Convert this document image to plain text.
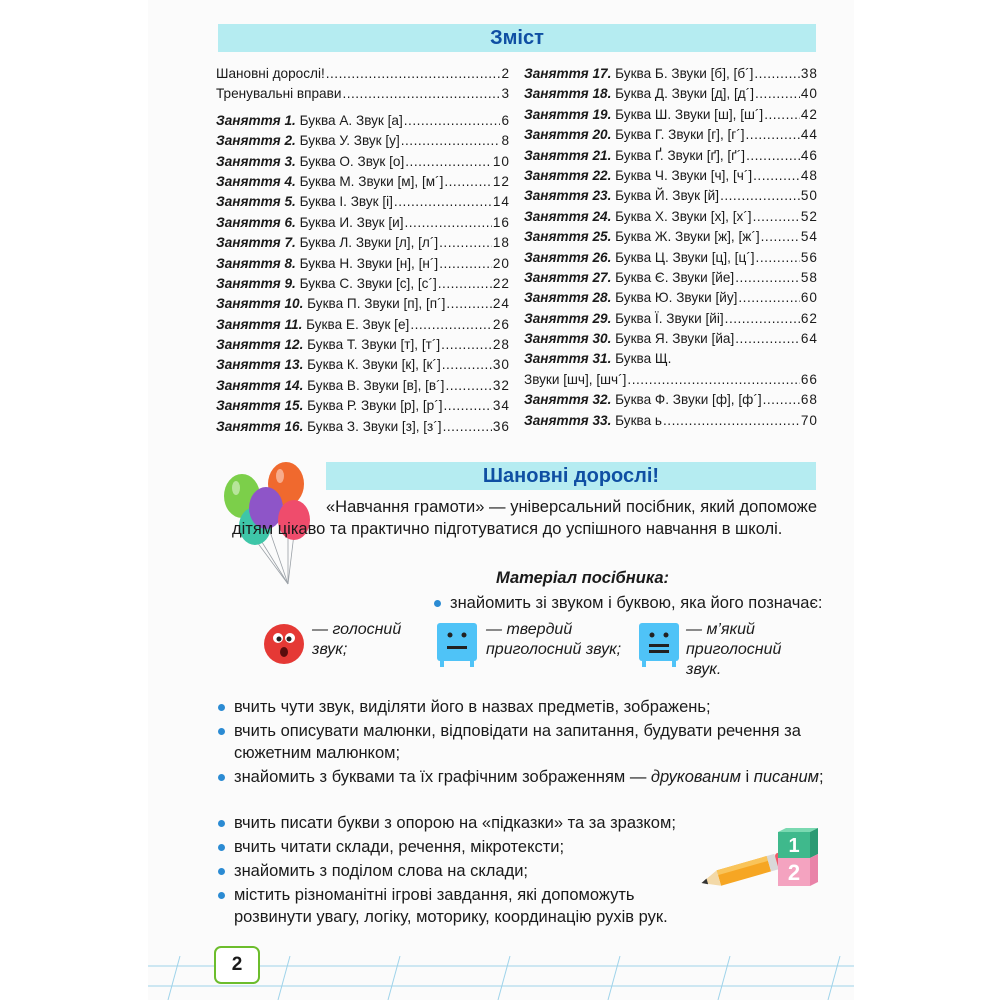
Зміст
Шановні дорослі! .....	2
Тренувальні вправи .....	3
Заняття 1. Буква А. Звук [а] .....	6
Заняття 2. Буква У. Звук [у] .....	8
Заняття 3. Буква О. Звук [о] .....	10
Заняття 4. Буква М. Звуки [м], [м´] .....	12
Заняття 5. Буква І. Звук [і] .....	14
Заняття 6. Буква И. Звук [и] .....	16
Заняття 7. Буква Л. Звуки [л], [л´] .....	18
Заняття 8. Буква Н. Звуки [н], [н´] .....	20
Заняття 9. Буква С. Звуки [с], [с´] .....	22
Заняття 10. Буква П. Звуки [п], [п´] .....	24
Заняття 11. Буква Е. Звук [е] .....	26
Заняття 12. Буква Т. Звуки [т], [т´] .....	28
Заняття 13. Буква К. Звуки [к], [к´] .....	30
Заняття 14. Буква В. Звуки [в], [в´] .....	32
Заняття 15. Буква Р. Звуки [р], [р´] .....	34
Заняття 16. Буква З. Звуки [з], [з´] .....	36
Заняття 17. Буква Б. Звуки [б], [б´] .....	38
Заняття 18. Буква Д. Звуки [д], [д´] .....	40
Заняття 19. Буква Ш. Звуки [ш], [ш´] .....	42
Заняття 20. Буква Г. Звуки [г], [г´] .....	44
Заняття 21. Буква Ґ. Звуки [ґ], [ґ´] .....	46
Заняття 22. Буква Ч. Звуки [ч], [ч´] .....	48
Заняття 23. Буква Й. Звук [й] .....	50
Заняття 24. Буква Х. Звуки [х], [х´] .....	52
Заняття 25. Буква Ж. Звуки [ж], [ж´] .....	54
Заняття 26. Буква Ц. Звуки [ц], [ц´] .....	56
Заняття 27. Буква Є. Звуки [йе] .....	58
Заняття 28. Буква Ю. Звуки [йу] .....	60
Заняття 29. Буква Ї. Звуки [йі] .....	62
Заняття 30. Буква Я. Звуки [йа] .....	64
Заняття 31. Буква Щ.
Звуки [шч], [шч´] .....	66
Заняття 32. Буква Ф. Звуки [ф], [ф´] .....	68
Заняття 33. Буква ь .....	70
Шановні дорослі!
«Навчання грамоти» — універсальний посібник, який допоможе дітям цікаво та практично підготуватися до успішного навчання в школі.
Матеріал посібника:
знайомить зі звуком і буквою, яка його позначає:
— голосний звук;
— твердий приголосний звук;
— м’який приголосний звук.
вчить чути звук, виділяти його в назвах предметів, зображень;
вчить описувати малюнки, відповідати на запитання, будувати речення за сюжетним малюнком;
знайомить з буквами та їх графічним зображенням — друкованим і писаним;
вчить писати букви з опорою на «підказки» та за зразком;
вчить читати склади, речення, мікротексти;
знайомить з поділом слова на склади;
містить різноманітні ігрові завдання, які допоможуть розвинути увагу, логіку, моторику, координацію рухів рук.
1
2
2
